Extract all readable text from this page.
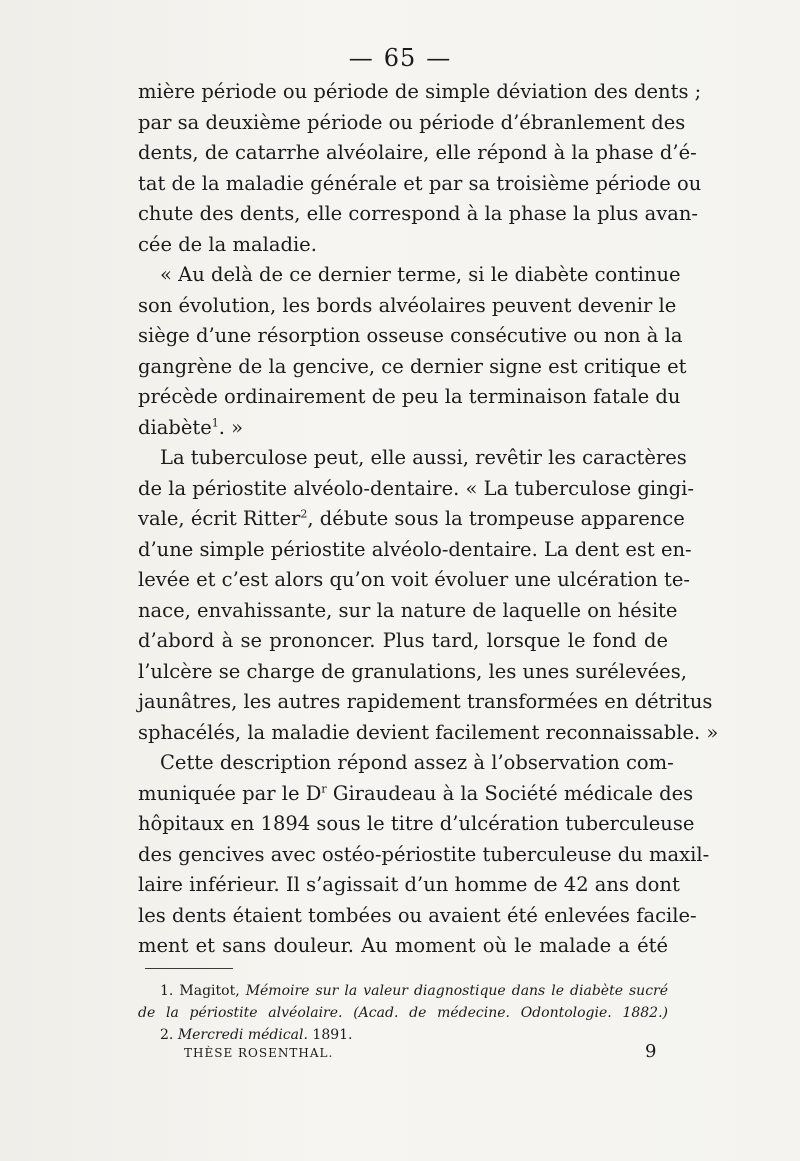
— 65 —
mière période ou période de simple déviation des dents ;
par sa deuxième période ou période d’ébranlement des
dents, de catarrhe alvéolaire, elle répond à la phase d’é-
tat de la maladie générale et par sa troisième période ou
chute des dents, elle correspond à la phase la plus avan-
cée de la maladie.
« Au delà de ce dernier terme, si le diabète continue
son évolution, les bords alvéolaires peuvent devenir le
siège d’une résorption osseuse consécutive ou non à la
gangrène de la gencive, ce dernier signe est critique et
précède ordinairement de peu la terminaison fatale du
diabète$^1$. »
La tuberculose peut, elle aussi, revêtir les caractères
de la périostite alvéolo-dentaire. « La tuberculose gingi-
vale, écrit Ritter$^2$, débute sous la trompeuse apparence
d’une simple périostite alvéolo-dentaire. La dent est en-
levée et c’est alors qu’on voit évoluer une ulcération te-
nace, envahissante, sur la nature de laquelle on hésite
d’abord à se prononcer. Plus tard, lorsque le fond de
l’ulcère se charge de granulations, les unes surélevées,
jaunâtres, les autres rapidement transformées en détritus
sphacélés, la maladie devient facilement reconnaissable. »
Cette description répond assez à l’observation com-
muniquée par le $D^r$ Giraudeau à la Société médicale des
hôpitaux en 1894 sous le titre d’ulcération tuberculeuse
des gencives avec ostéo-périostite tuberculeuse du maxil-
laire inférieur. Il s’agissait d’un homme de 42 ans dont
les dents étaient tombées ou avaient été enlevées facile-
ment et sans douleur. Au moment où le malade a été
1. Magitot, Mémoire sur la valeur diagnostique dans le diabète sucré
de la périostite alvéolaire. (Acad. de médecine. Odontologie. 1882.)
2. Mercredi médical. 1891.
THÈSE ROSENTHAL.	9
